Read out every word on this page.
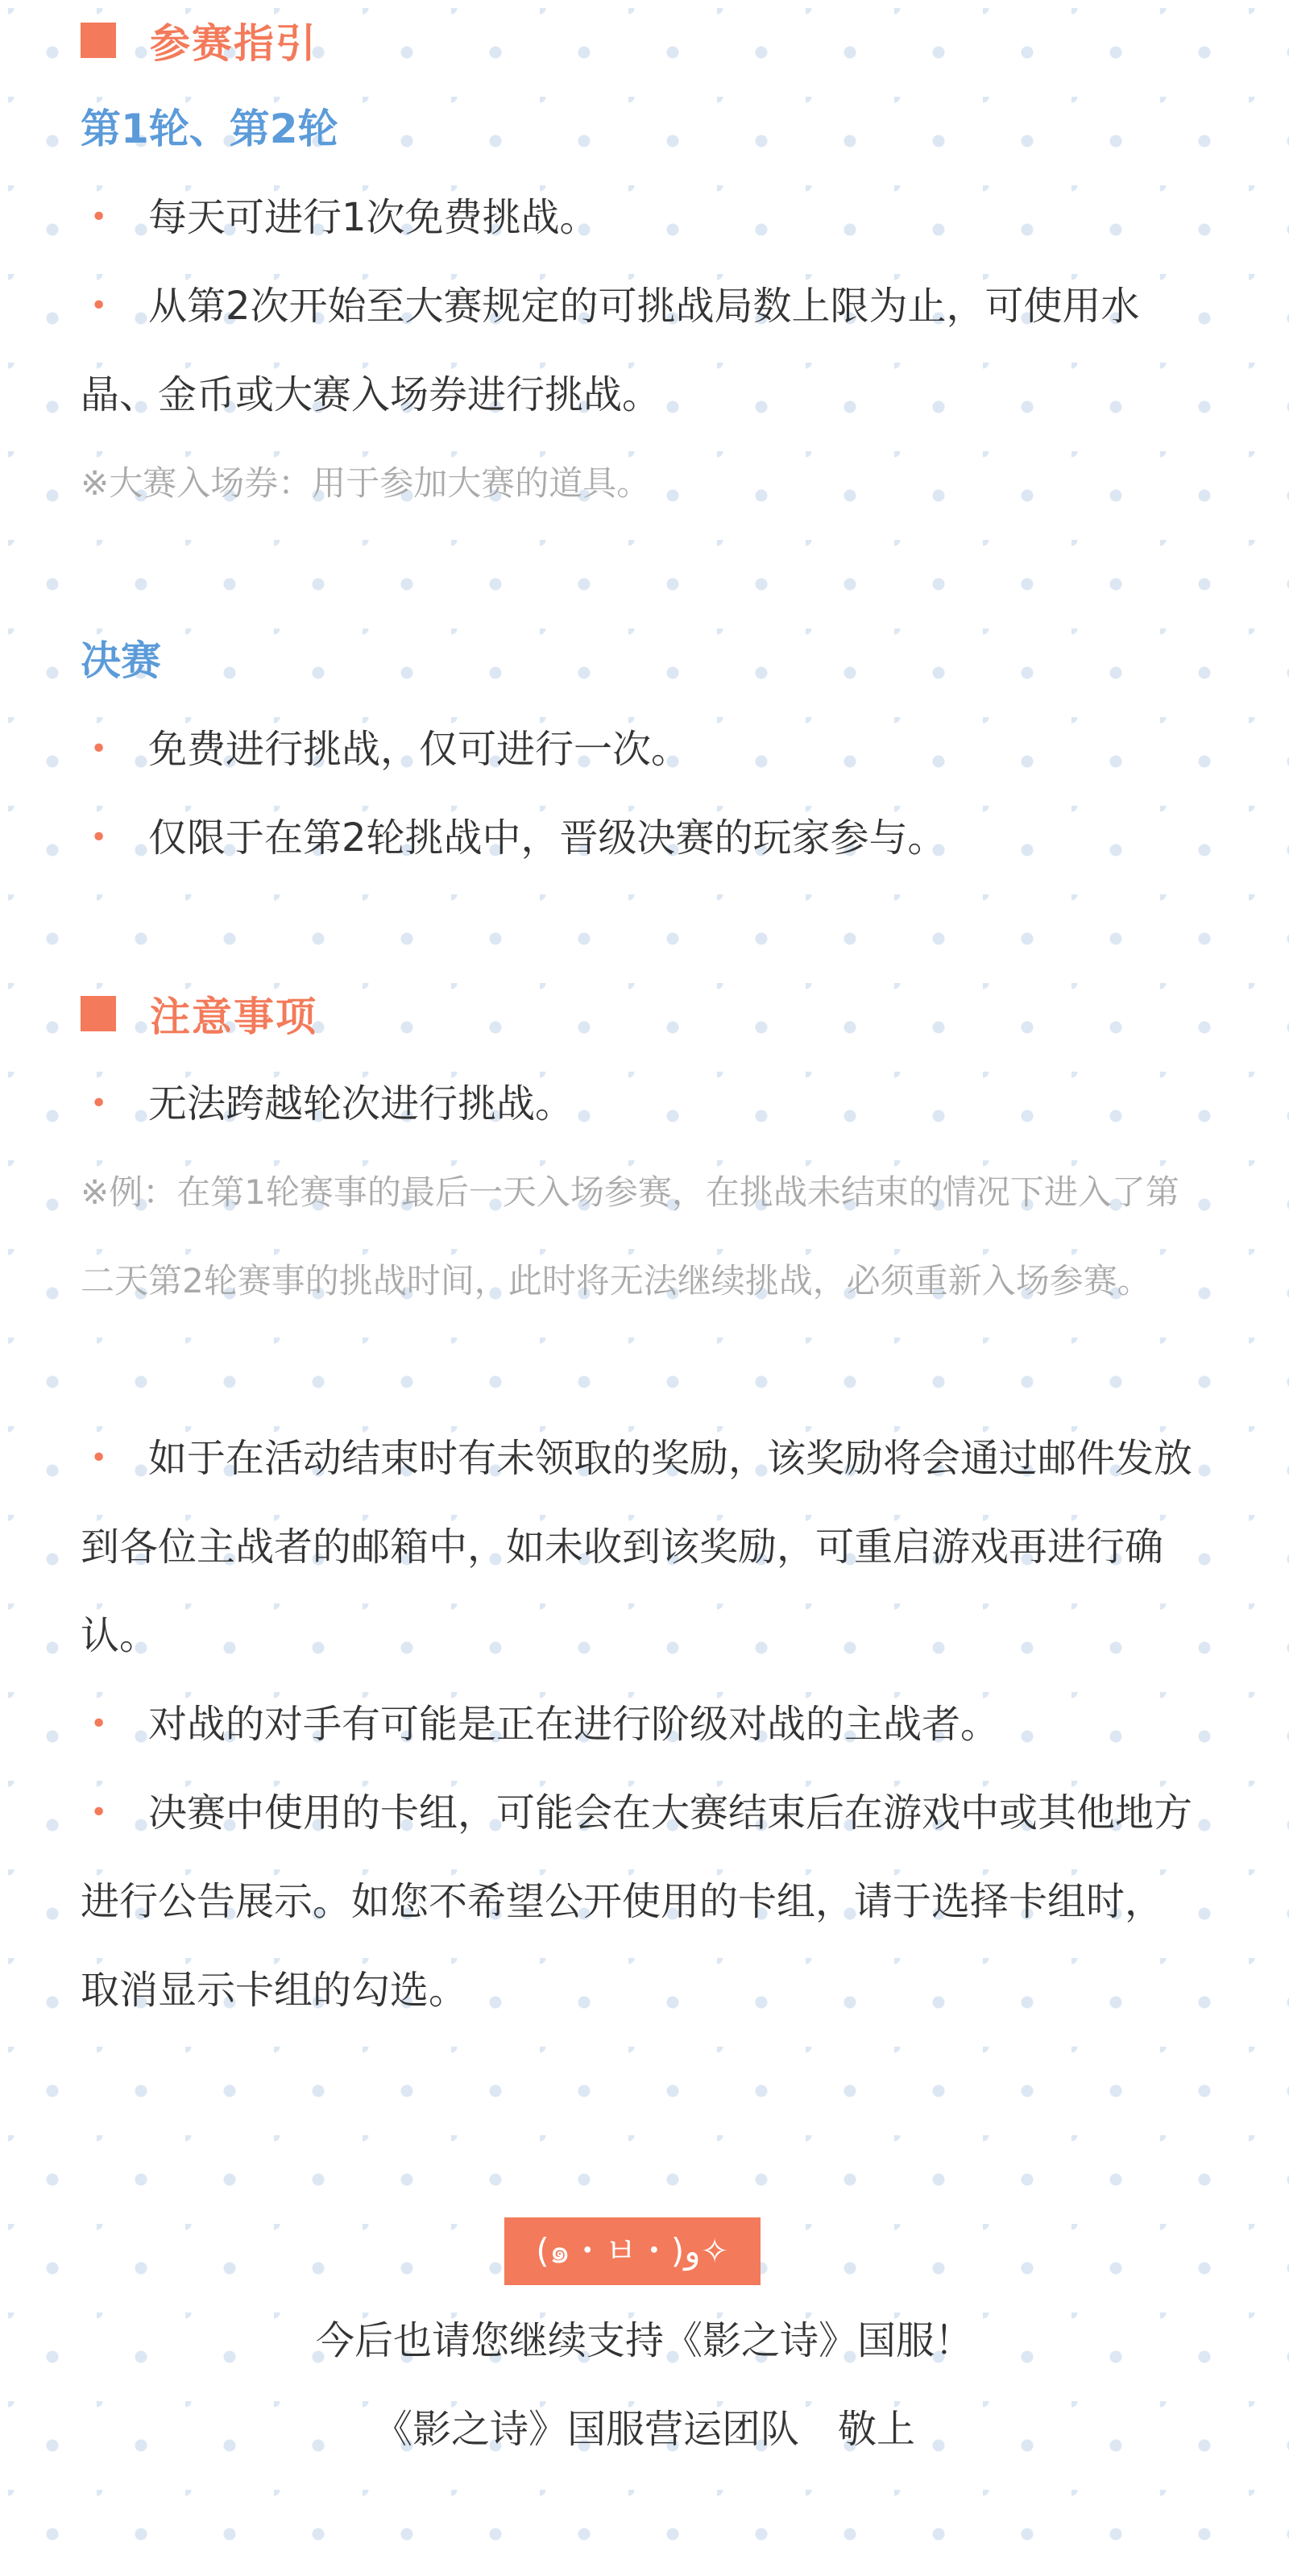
参赛指引
第1轮、第2轮
• 每天可进行1次免费挑战。
• 从第2次开始至大赛规定的可挑战局数上限为止，可使用水晶、金币或大赛入场券进行挑战。
※大赛入场券：用于参加大赛的道具。
决赛
• 免费进行挑战，仅可进行一次。
• 仅限于在第2轮挑战中，晋级决赛的玩家参与。
注意事项
• 无法跨越轮次进行挑战。
※例：在第1轮赛事的最后一天入场参赛，在挑战未结束的情况下进入了第二天第2轮赛事的挑战时间，此时将无法继续挑战，必须重新入场参赛。
• 如于在活动结束时有未领取的奖励，该奖励将会通过邮件发放到各位主战者的邮箱中，如未收到该奖励，可重启游戏再进行确认。
• 对战的对手有可能是正在进行阶级对战的主战者。
• 决赛中使用的卡组，可能会在大赛结束后在游戏中或其他地方进行公告展示。如您不希望公开使用的卡组，请于选择卡组时，取消显示卡组的勾选。
(๑・ㅂ・)و✧
今后也请您继续支持《影之诗》国服！
《影之诗》国服营运团队　敬上
